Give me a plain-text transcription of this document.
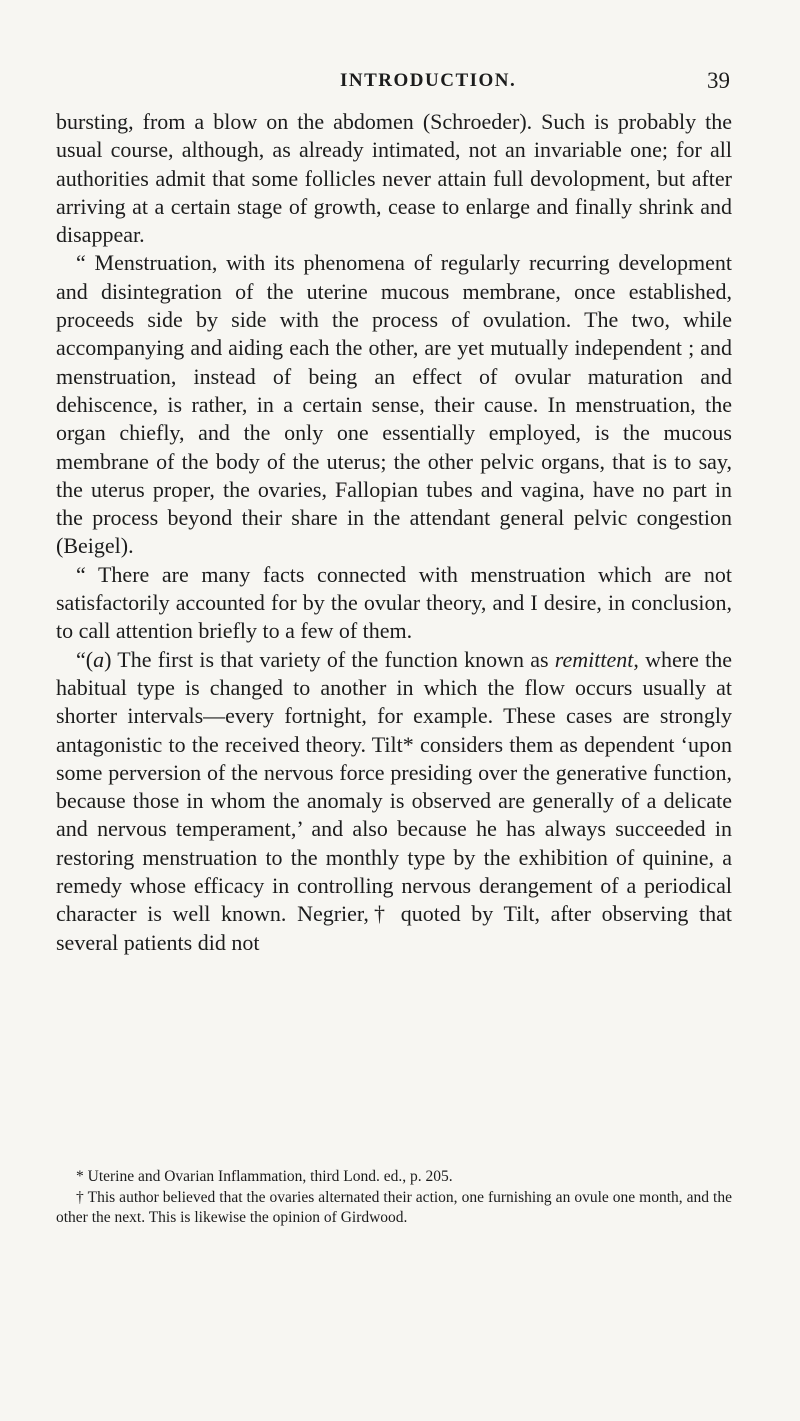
INTRODUCTION.	39

bursting, from a blow on the abdomen (Schroeder). Such is probably the usual course, although, as already intimated, not an invariable one; for all authorities admit that some follicles never attain full devolopment, but after arriving at a certain stage of growth, cease to enlarge and finally shrink and disappear.

“ Menstruation, with its phenomena of regularly recurring development and disintegration of the uterine mucous membrane, once established, proceeds side by side with the process of ovulation. The two, while accompanying and aiding each the other, are yet mutually independent ; and menstruation, instead of being an effect of ovular maturation and dehiscence, is rather, in a certain sense, their cause. In menstruation, the organ chiefly, and the only one essentially employed, is the mucous membrane of the body of the uterus; the other pelvic organs, that is to say, the uterus proper, the ovaries, Fallopian tubes and vagina, have no part in the process beyond their share in the attendant general pelvic congestion (Beigel).

“ There are many facts connected with menstruation which are not satisfactorily accounted for by the ovular theory, and I desire, in conclusion, to call attention briefly to a few of them.

“(a) The first is that variety of the function known as remittent, where the habitual type is changed to another in which the flow occurs usually at shorter intervals—every fortnight, for example. These cases are strongly antagonistic to the received theory. Tilt* considers them as dependent ‘upon some perversion of the nervous force presiding over the generative function, because those in whom the anomaly is observed are generally of a delicate and nervous temperament,’ and also because he has always succeeded in restoring menstruation to the monthly type by the exhibition of quinine, a remedy whose efficacy in controlling nervous derangement of a periodical character is well known. Negrier,† quoted by Tilt, after observing that several patients did not

* Uterine and Ovarian Inflammation, third Lond. ed., p. 205.

† This author believed that the ovaries alternated their action, one furnishing an ovule one month, and the other the next. This is likewise the opinion of Girdwood.
